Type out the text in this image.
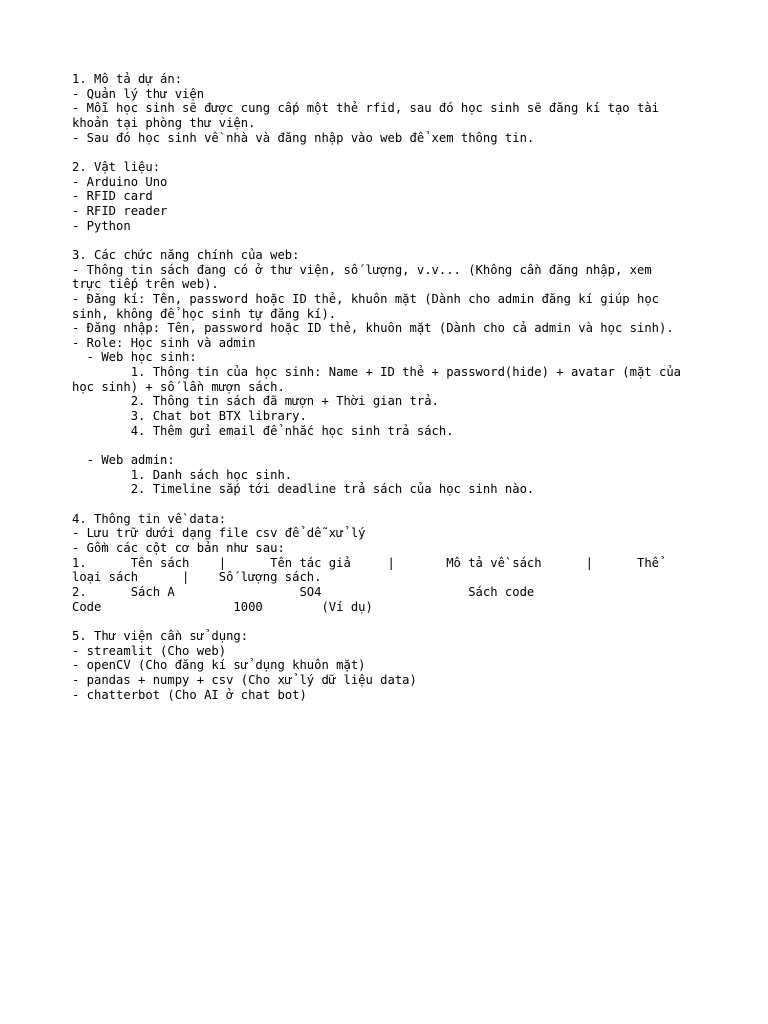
1. Mô tả dự án:
- Quản lý thư viện
- Mỗi học sinh sẽ được cung cấp một thẻ rfid, sau đó học sinh sẽ đăng kí tạo tài
khoản tại phòng thư viện.
- Sau đó học sinh về nhà và đăng nhập vào web để xem thông tin.

2. Vật liệu:
- Arduino Uno
- RFID card
- RFID reader
- Python

3. Các chức năng chính của web:
- Thông tin sách đang có ở thư viện, số lượng, v.v... (Không cần đăng nhập, xem
trực tiếp trên web).
- Đăng kí: Tên, password hoặc ID thẻ, khuôn mặt (Dành cho admin đăng kí giúp học
sinh, không để học sinh tự đăng kí).
- Đăng nhập: Tên, password hoặc ID thẻ, khuôn mặt (Dành cho cả admin và học sinh).
- Role: Học sinh và admin
- Web học sinh:
1. Thông tin của học sinh: Name + ID thẻ + password(hide) + avatar (mặt của
học sinh) + số lần mượn sách.
2. Thông tin sách đã mượn + Thời gian trả.
3. Chat bot BTX library.
4. Thêm gửi email để nhắc học sinh trả sách.

- Web admin:
1. Danh sách học sinh.
2. Timeline sắp tới deadline trả sách của học sinh nào.

4. Thông tin về data:
- Lưu trữ dưới dạng file csv để dễ xử lý
- Gồm các cột cơ bản như sau:
1.      Tên sách    |      Tên tác giả     |       Mô tả về sách      |      Thể
loại sách      |    Số lượng sách.
2.      Sách A                 SO4                    Sách code
Code                  1000        (Ví dụ)

5. Thư viện cần sử dụng:
- streamlit (Cho web)
- openCV (Cho đăng kí sử dụng khuôn mặt)
- pandas + numpy + csv (Cho xử lý dữ liệu data)
- chatterbot (Cho AI ở chat bot)
